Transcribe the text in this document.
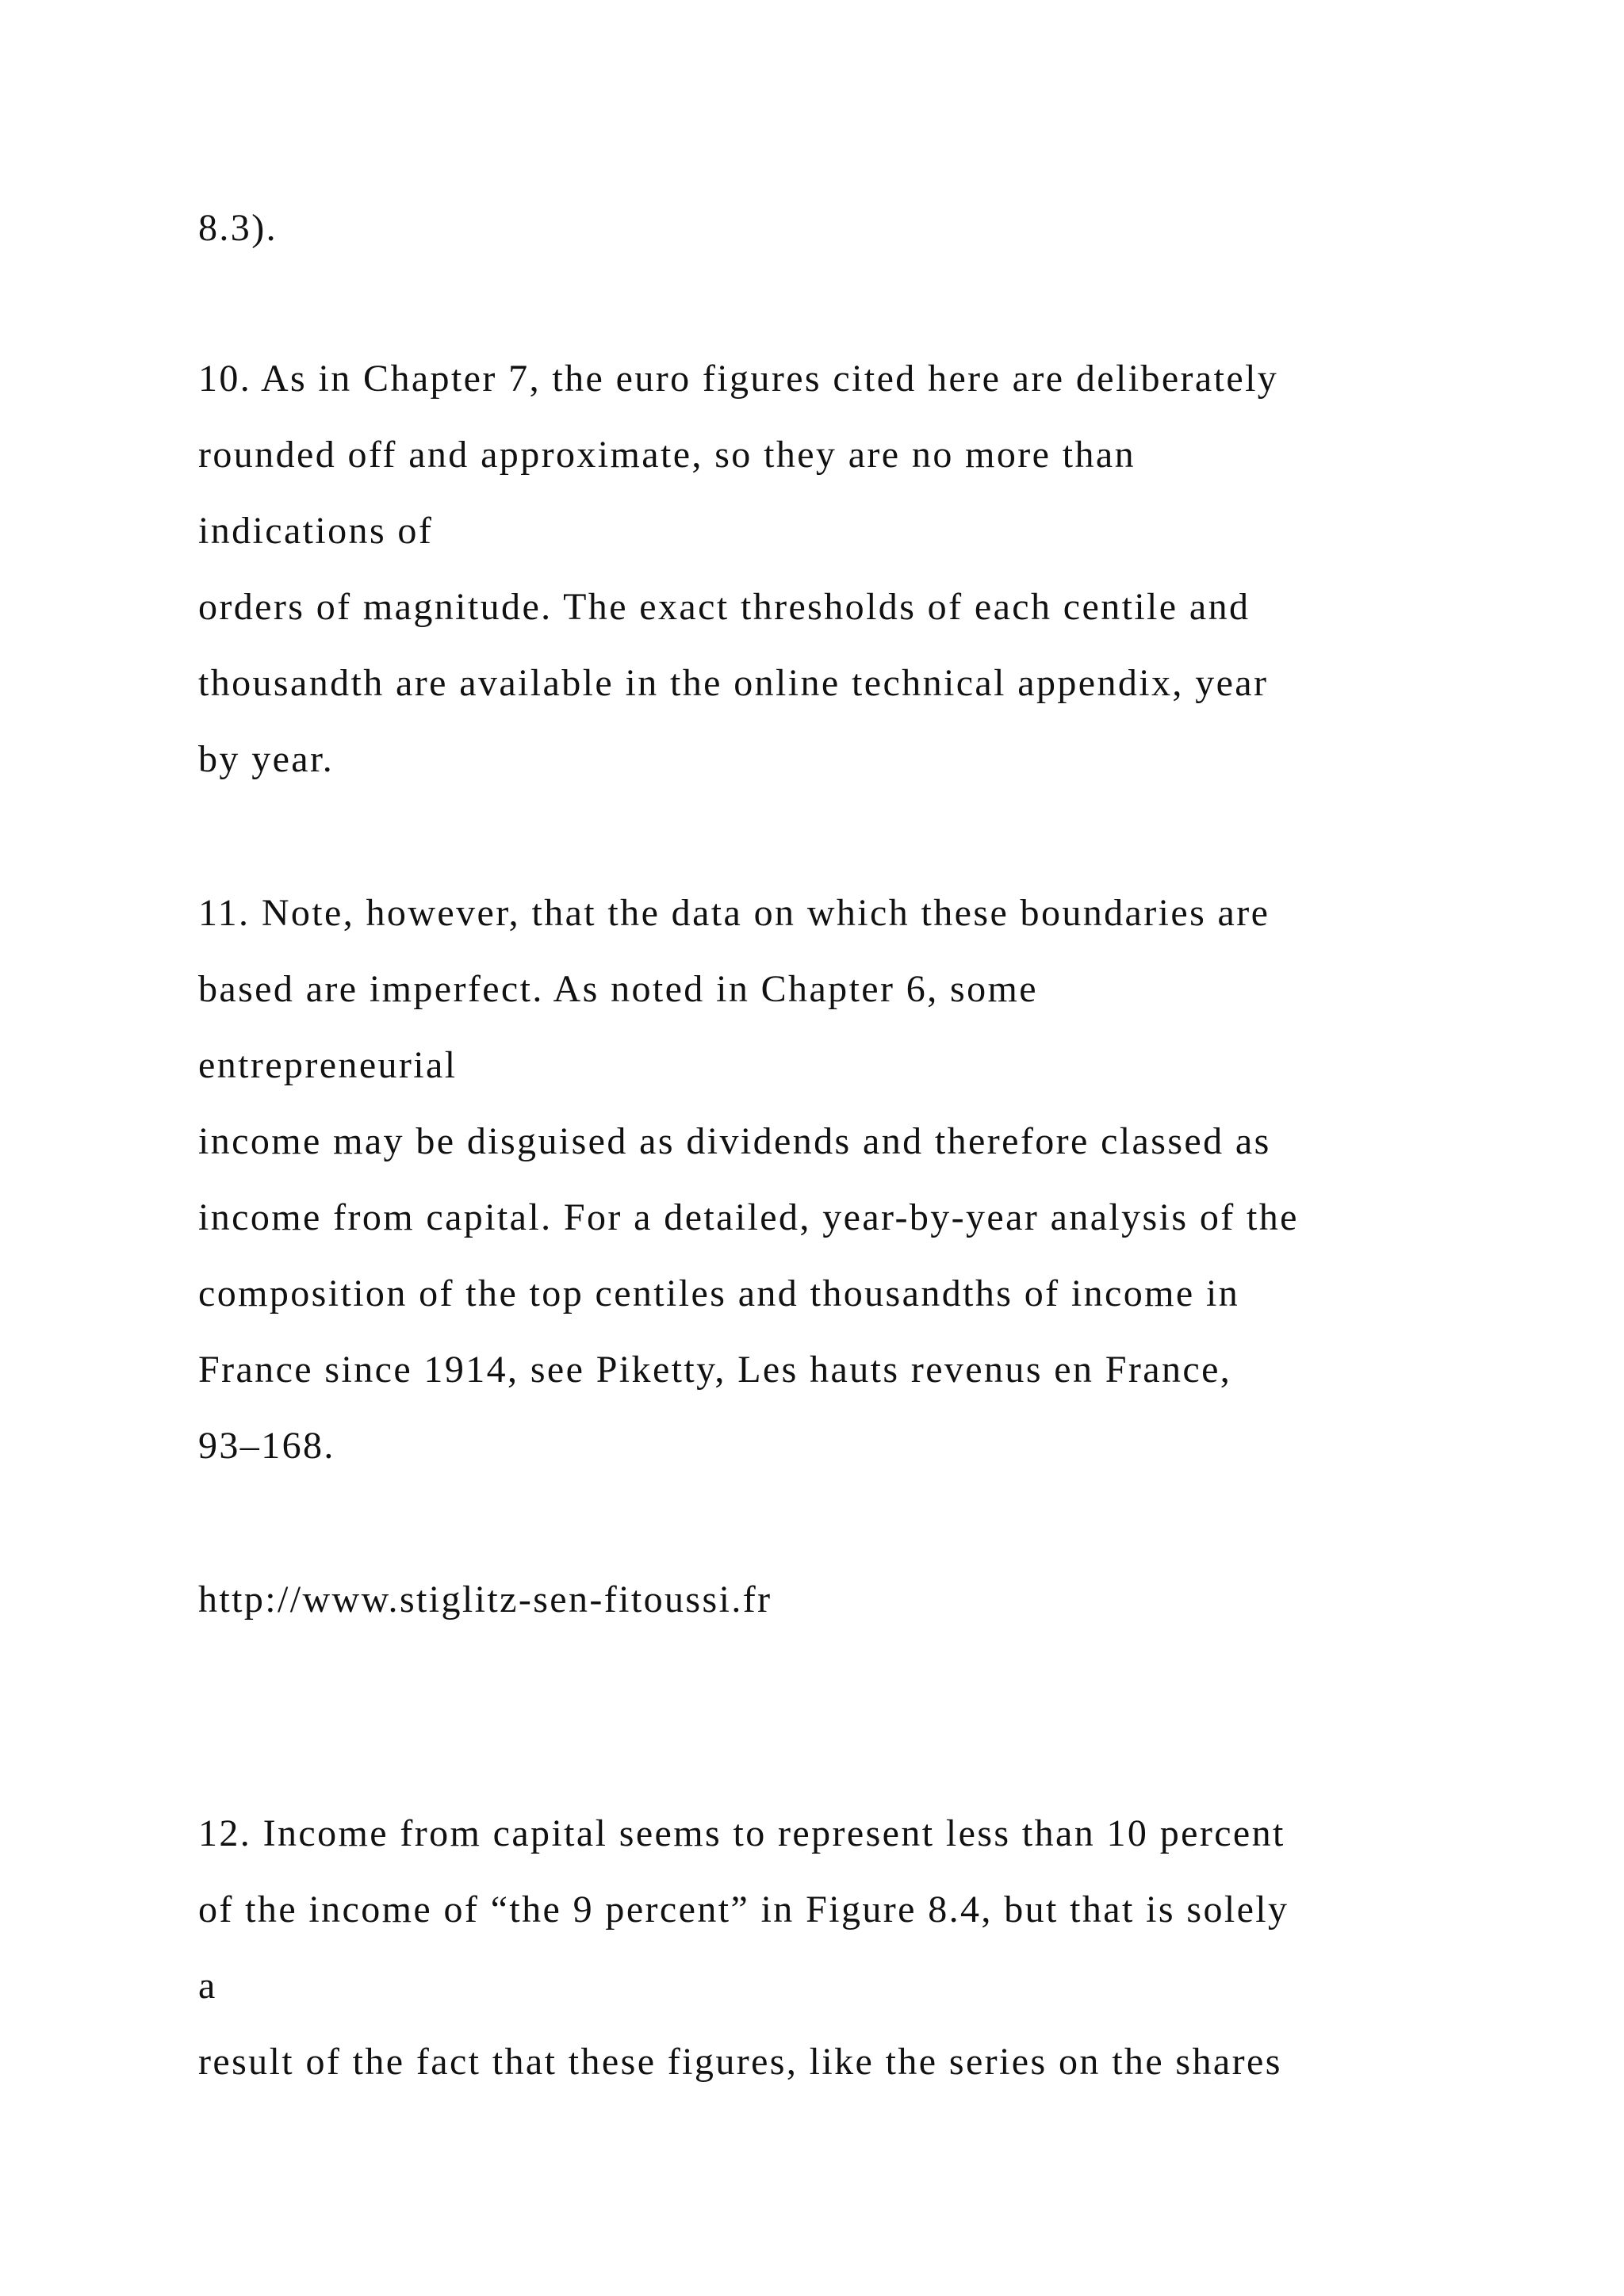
8.3).
10. As in Chapter 7, the euro figures cited here are deliberately
rounded off and approximate, so they are no more than
indications of
orders of magnitude. The exact thresholds of each centile and
thousandth are available in the online technical appendix, year
by year.
11. Note, however, that the data on which these boundaries are
based are imperfect. As noted in Chapter 6, some
entrepreneurial
income may be disguised as dividends and therefore classed as
income from capital. For a detailed, year-by-year analysis of the
composition of the top centiles and thousandths of income in
France since 1914, see Piketty, Les hauts revenus en France,
93–168.
http://www.stiglitz-sen-fitoussi.fr
12. Income from capital seems to represent less than 10 percent
of the income of “the 9 percent” in Figure 8.4, but that is solely
a
result of the fact that these figures, like the series on the shares
